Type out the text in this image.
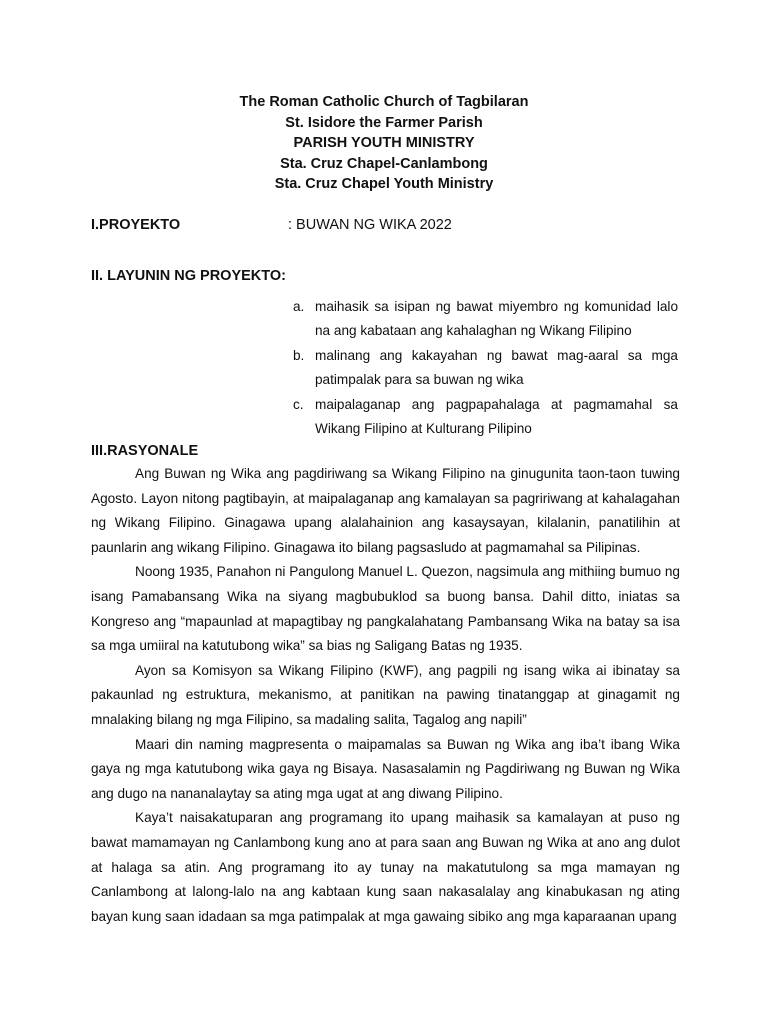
The Roman Catholic Church of Tagbilaran
St. Isidore the Farmer Parish
PARISH YOUTH MINISTRY
Sta. Cruz Chapel-Canlambong
Sta. Cruz Chapel Youth Ministry
I.PROYEKTO	: BUWAN NG WIKA 2022
II. LAYUNIN NG PROYEKTO:
a. maihasik sa isipan ng bawat miyembro ng komunidad lalo na ang kabataan ang kahalaghan ng Wikang Filipino
b. malinang ang kakayahan ng bawat mag-aaral sa mga patimpalak para sa buwan ng wika
c. maipalaganap ang pagpapahalaga at pagmamahal sa Wikang Filipino at Kulturang Pilipino
III.RASYONALE

Ang Buwan ng Wika ang pagdiriwang sa Wikang Filipino na ginugunita taon-taon tuwing Agosto. Layon nitong pagtibayin, at maipalaganap ang kamalayan sa pagririwang at kahalagahan ng Wikang Filipino. Ginagawa upang alalahainion ang kasaysayan, kilalanin, panatilihin at paunlarin ang wikang Filipino. Ginagawa ito bilang pagsasludo at pagmamahal sa Pilipinas.

Noong 1935, Panahon ni Pangulong Manuel L. Quezon, nagsimula ang mithiing bumuo ng isang Pamabansang Wika na siyang magbubuklod sa buong bansa. Dahil ditto, iniatas sa Kongreso ang “mapaunlad at mapagtibay ng pangkalahatang Pambansang Wika na batay sa isa sa mga umiiral na katutubong wika” sa bias ng Saligang Batas ng 1935.

Ayon sa Komisyon sa Wikang Filipino (KWF), ang pagpili ng isang wika ai ibinatay sa pakaunlad ng estruktura, mekanismo, at panitikan na pawing tinatanggap at ginagamit ng mnalaking bilang ng mga Filipino, sa madaling salita, Tagalog ang napili”

Maari din naming magpresenta o maipamalas sa Buwan ng Wika ang iba’t ibang Wika gaya ng mga katutubong wika gaya ng Bisaya. Nasasalamin ng Pagdiriwang ng Buwan ng Wika ang dugo na nananalaytay sa ating mga ugat at ang diwang Pilipino.

Kaya’t naisakatuparan ang programang ito upang maihasik sa kamalayan at puso ng bawat mamamayan ng Canlambong kung ano at para saan ang Buwan ng Wika at ano ang dulot at halaga sa atin. Ang programang ito ay tunay na makatutulong sa mga mamayan ng Canlambong at lalong-lalo na ang kabtaan kung saan nakasalalay ang kinabukasan ng ating bayan kung saan idadaan sa mga patimpalak at mga gawaing sibiko ang mga kaparaanan upang
